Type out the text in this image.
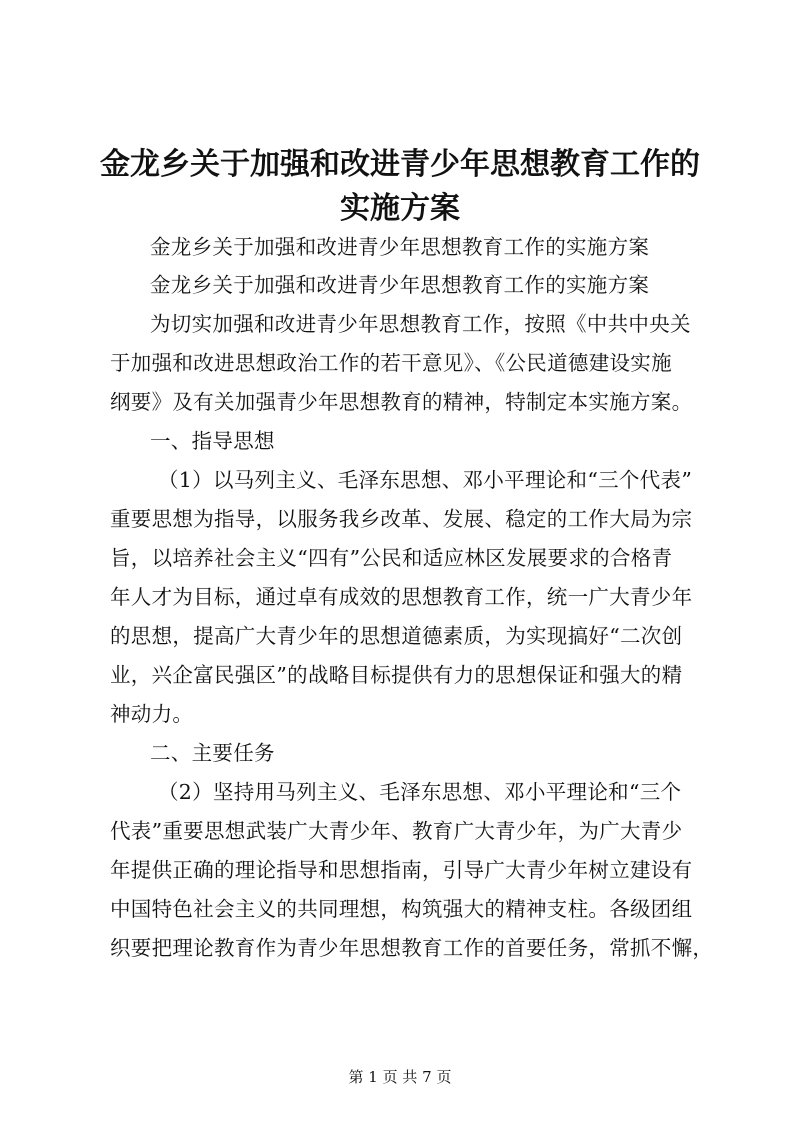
金龙乡关于加强和改进青少年思想教育工作的
实施方案
金龙乡关于加强和改进青少年思想教育工作的实施方案
金龙乡关于加强和改进青少年思想教育工作的实施方案
为切实加强和改进青少年思想教育工作，按照《中共中央关
于加强和改进思想政治工作的若干意见》、《公民道德建设实施
纲要》及有关加强青少年思想教育的精神，特制定本实施方案。
一、指导思想
（1）以马列主义、毛泽东思想、邓小平理论和“三个代表”
重要思想为指导，以服务我乡改革、发展、稳定的工作大局为宗
旨，以培养社会主义“四有”公民和适应林区发展要求的合格青
年人才为目标，通过卓有成效的思想教育工作，统一广大青少年
的思想，提高广大青少年的思想道德素质，为实现搞好“二次创
业，兴企富民强区”的战略目标提供有力的思想保证和强大的精
神动力。
二、主要任务
（2）坚持用马列主义、毛泽东思想、邓小平理论和“三个
代表”重要思想武装广大青少年、教育广大青少年，为广大青少
年提供正确的理论指导和思想指南，引导广大青少年树立建设有
中国特色社会主义的共同理想，构筑强大的精神支柱。各级团组
织要把理论教育作为青少年思想教育工作的首要任务，常抓不懈，
第 1 页 共 7 页
